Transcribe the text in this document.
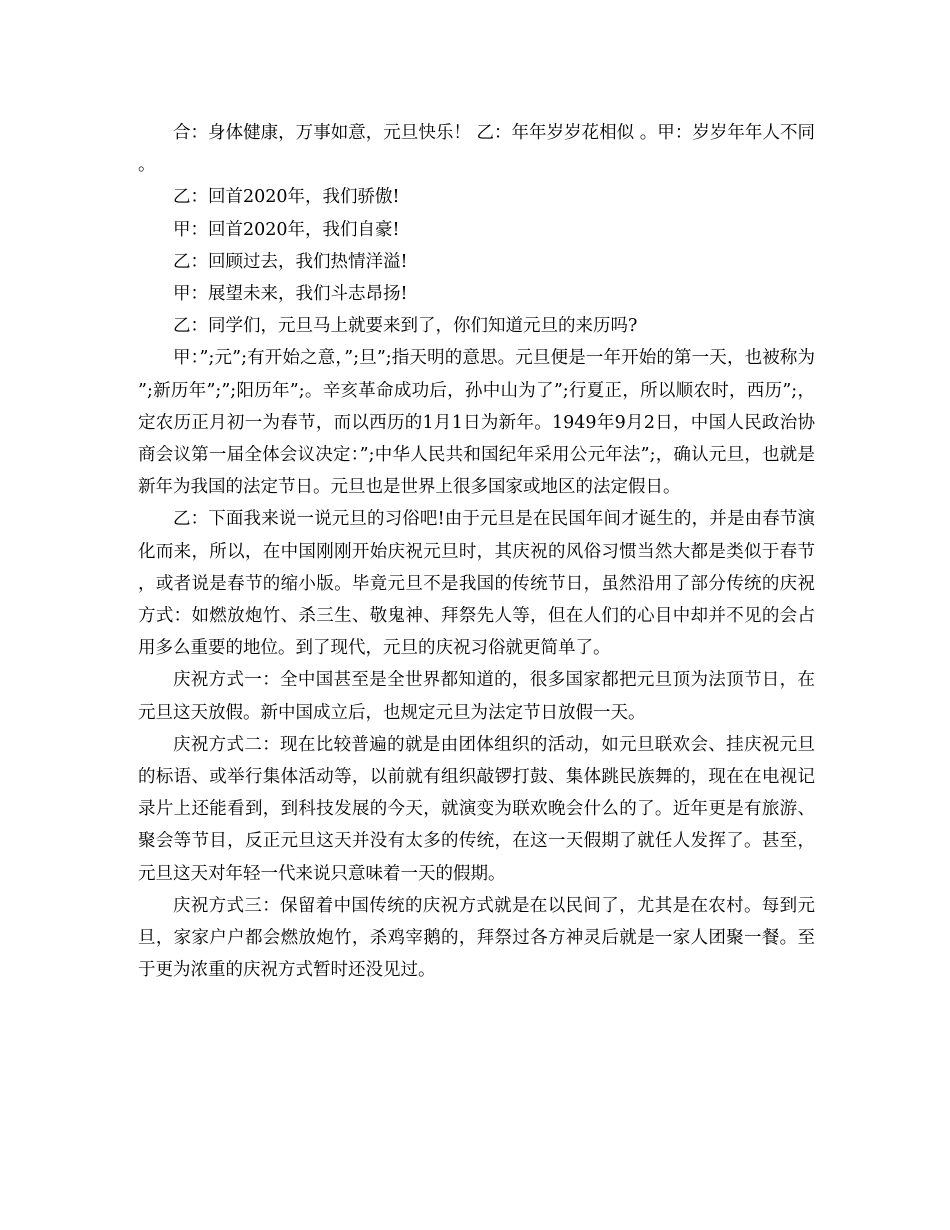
合：身体健康，万事如意，元旦快乐！ 乙：年年岁岁花相似 。甲：岁岁年年人不同。

乙：回首2020年，我们骄傲!

甲：回首2020年，我们自豪!

乙：回顾过去，我们热情洋溢!

甲：展望未来，我们斗志昂扬!

乙：同学们，元旦马上就要来到了，你们知道元旦的来历吗?

甲：”;元”;有开始之意，”;旦”;指天明的意思。元旦便是一年开始的第一天，也被称为”;新历年”;”;阳历年”;。辛亥革命成功后，孙中山为了”;行夏正，所以顺农时，西历”;，定农历正月初一为春节，而以西历的1月1日为新年。1949年9月2日，中国人民政治协商会议第一届全体会议决定：”;中华人民共和国纪年采用公元年法”;，确认元旦，也就是新年为我国的法定节日。元旦也是世界上很多国家或地区的法定假日。

乙：下面我来说一说元旦的习俗吧!由于元旦是在民国年间才诞生的，并是由春节演化而来，所以，在中国刚刚开始庆祝元旦时，其庆祝的风俗习惯当然大都是类似于春节，或者说是春节的缩小版。毕竟元旦不是我国的传统节日，虽然沿用了部分传统的庆祝方式：如燃放炮竹、杀三生、敬鬼神、拜祭先人等，但在人们的心目中却并不见的会占用多么重要的地位。到了现代，元旦的庆祝习俗就更简单了。

庆祝方式一：全中国甚至是全世界都知道的，很多国家都把元旦顶为法顶节日，在元旦这天放假。新中国成立后，也规定元旦为法定节日放假一天。

庆祝方式二：现在比较普遍的就是由团体组织的活动，如元旦联欢会、挂庆祝元旦的标语、或举行集体活动等，以前就有组织敲锣打鼓、集体跳民族舞的，现在在电视记录片上还能看到，到科技发展的今天，就演变为联欢晚会什么的了。近年更是有旅游、聚会等节目，反正元旦这天并没有太多的传统，在这一天假期了就任人发挥了。甚至，元旦这天对年轻一代来说只意味着一天的假期。

庆祝方式三：保留着中国传统的庆祝方式就是在以民间了，尤其是在农村。每到元旦，家家户户都会燃放炮竹，杀鸡宰鹅的，拜祭过各方神灵后就是一家人团聚一餐。至于更为浓重的庆祝方式暂时还没见过。
